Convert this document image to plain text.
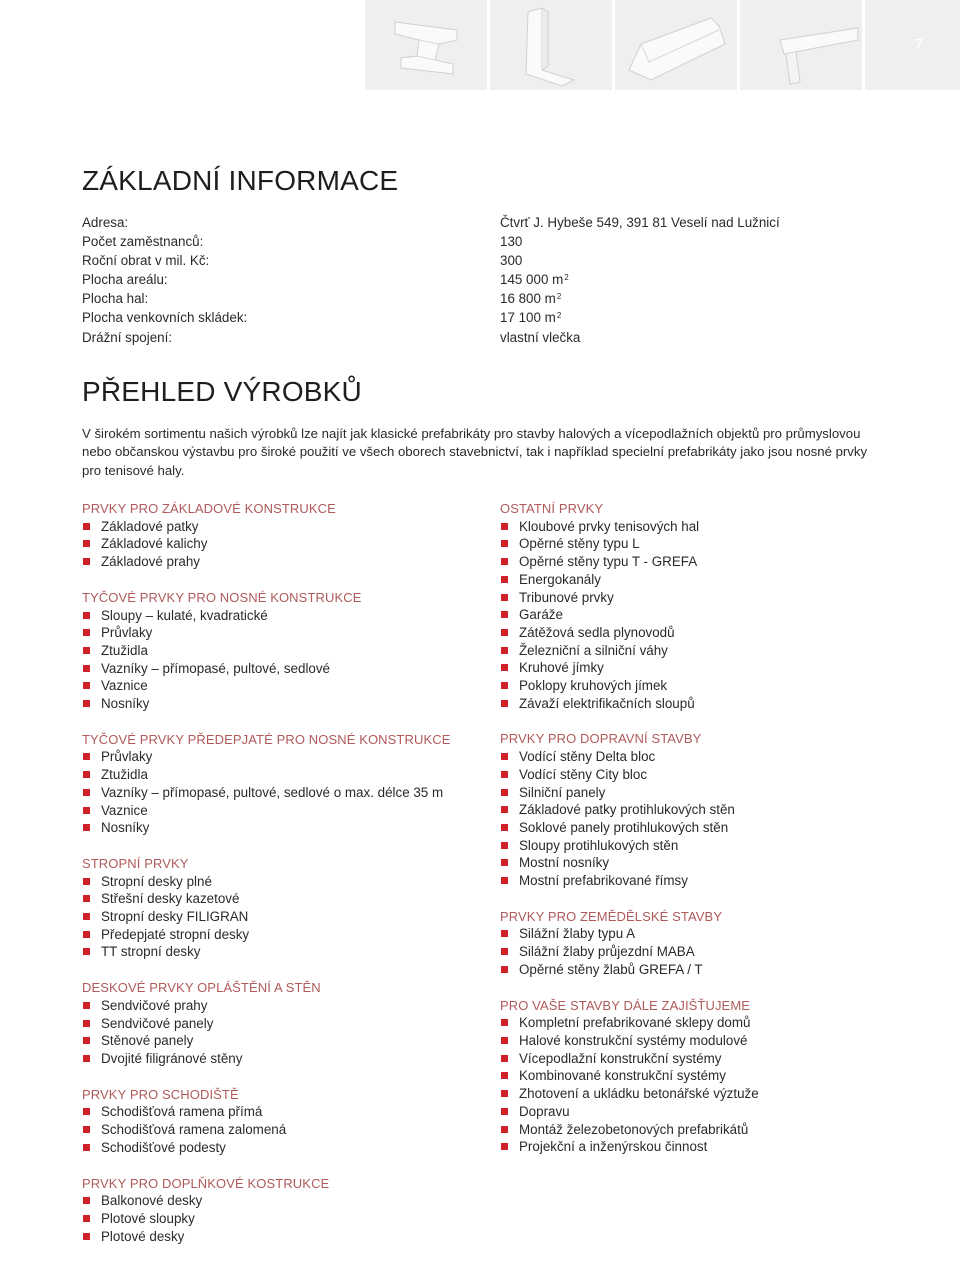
7
ZÁKLADNÍ INFORMACE
Adresa:	Čtvrť J. Hybeše 549, 391 81 Veselí nad Lužnicí
Počet zaměstnanců:	130
Roční obrat v mil. Kč:	300
Plocha areálu:	145 000 $m^2$
Plocha hal:	16 800 $m^2$
Plocha venkovních skládek:	17 100 $m^2$
Drážní spojení:	vlastní vlečka
PŘEHLED VÝROBKŮ

V širokém sortimentu našich výrobků lze najít jak klasické prefabrikáty pro stavby halových a vícepodlažních objektů pro průmyslovou nebo občanskou výstavbu pro široké použití ve všech oborech stavebnictví, tak i například specielní prefabrikáty jako jsou nosné prvky pro tenisové haly.

PRVKY PRO ZÁKLADOVÉ KONSTRUKCE
Základové patky
Základové kalichy
Základové prahy
TYČOVÉ PRVKY PRO NOSNÉ KONSTRUKCE
Sloupy – kulaté, kvadratické
Průvlaky
Ztužidla
Vazníky – přímopasé, pultové, sedlové
Vaznice
Nosníky
TYČOVÉ PRVKY PŘEDEPJATÉ PRO NOSNÉ KONSTRUKCE
Průvlaky
Ztužidla
Vazníky – přímopasé, pultové, sedlové o max. délce 35 m
Vaznice
Nosníky
STROPNÍ PRVKY
Stropní desky plné
Střešní desky kazetové
Stropní desky FILIGRAN
Předepjaté stropní desky
TT stropní desky
DESKOVÉ PRVKY OPLÁŠTĚNÍ A STĚN
Sendvičové prahy
Sendvičové panely
Stěnové panely
Dvojité filigránové stěny
PRVKY PRO SCHODIŠTĚ
Schodišťová ramena přímá
Schodišťová ramena zalomená
Schodišťové podesty
PRVKY PRO DOPLŇKOVÉ KOSTRUKCE
Balkonové desky
Plotové sloupky
Plotové desky
OSTATNÍ PRVKY
Kloubové prvky tenisových hal
Opěrné stěny typu L
Opěrné stěny typu T - GREFA
Energokanály
Tribunové prvky
Garáže
Zátěžová sedla plynovodů
Železniční a silniční váhy
Kruhové jímky
Poklopy kruhových jímek
Závaží elektrifikačních sloupů
PRVKY PRO DOPRAVNÍ STAVBY
Vodící stěny Delta bloc
Vodící stěny City bloc
Silniční panely
Základové patky protihlukových stěn
Soklové panely protihlukových stěn
Sloupy protihlukových stěn
Mostní nosníky
Mostní prefabrikované římsy
PRVKY PRO ZEMĚDĚLSKÉ STAVBY
Silážní žlaby typu A
Silážní žlaby průjezdní MABA
Opěrné stěny žlabů GREFA / T
PRO VAŠE STAVBY DÁLE ZAJIŠŤUJEME
Kompletní prefabrikované sklepy domů
Halové konstrukční systémy modulové
Vícepodlažní konstrukční systémy
Kombinované konstrukční systémy
Zhotovení a ukládku betonářské výztuže
Dopravu
Montáž železobetonových prefabrikátů
Projekční a inženýrskou činnost
